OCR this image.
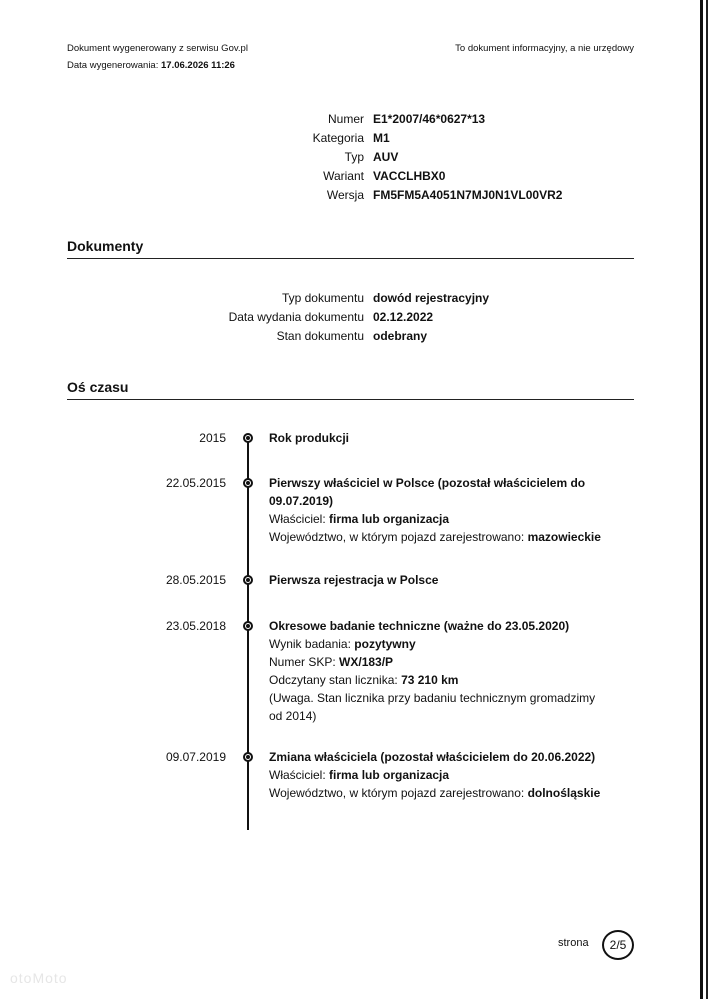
Dokument wygenerowany z serwisu Gov.pl
Data wygenerowania: 17.06.2026 11:26
To dokument informacyjny, a nie urzędowy
Numer E1*2007/46*0627*13
Kategoria M1
Typ AUV
Wariant VACCLHBX0
Wersja FM5FM5A4051N7MJ0N1VL00VR2
Dokumenty
Typ dokumentu dowód rejestracyjny
Data wydania dokumentu 02.12.2022
Stan dokumentu odebrany
Oś czasu
2015	Rok produkcji
22.05.2015	Pierwszy właściciel w Polsce (pozostał właścicielem do 09.07.2019)
Właściciel: firma lub organizacja
Województwo, w którym pojazd zarejestrowano: mazowieckie
28.05.2015	Pierwsza rejestracja w Polsce
23.05.2018	Okresowe badanie techniczne (ważne do 23.05.2020)
Wynik badania: pozytywny
Numer SKP: WX/183/P
Odczytany stan licznika: 73 210 km
(Uwaga. Stan licznika przy badaniu technicznym gromadzimy od 2014)
09.07.2019	Zmiana właściciela (pozostał właścicielem do 20.06.2022)
Właściciel: firma lub organizacja
Województwo, w którym pojazd zarejestrowano: dolnośląskie
strona	2/5
otoMoto
